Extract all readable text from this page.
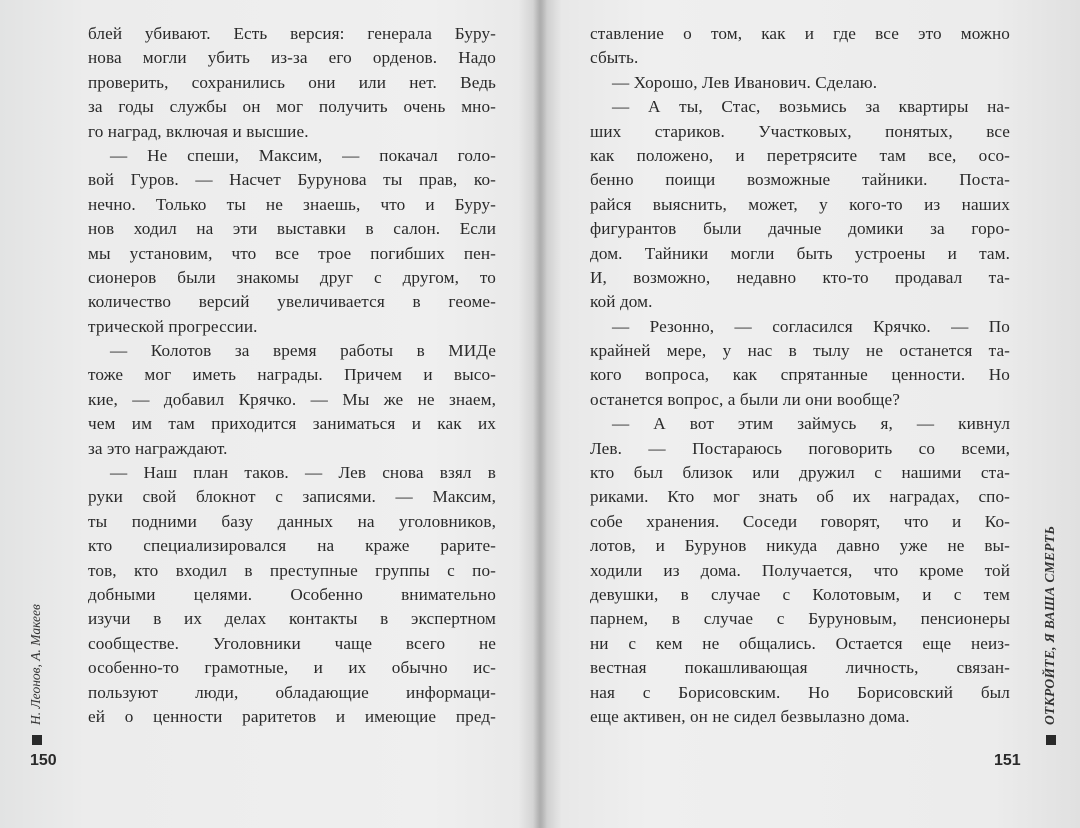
блей убивают. Есть версия: генерала Буру-
нова могли убить из-за его орденов. Надо
проверить, сохранились они или нет. Ведь
за годы службы он мог получить очень мно-
го наград, включая и высшие.
— Не спеши, Максим, — покачал голо-
вой Гуров. — Насчет Бурунова ты прав, ко-
нечно. Только ты не знаешь, что и Буру-
нов ходил на эти выставки в салон. Если
мы установим, что все трое погибших пен-
сионеров были знакомы друг с другом, то
количество версий увеличивается в геоме-
трической прогрессии.
— Колотов за время работы в МИДе
тоже мог иметь награды. Причем и высо-
кие, — добавил Крячко. — Мы же не знаем,
чем им там приходится заниматься и как их
за это награждают.
— Наш план таков. — Лев снова взял в
руки свой блокнот с записями. — Максим,
ты подними базу данных на уголовников,
кто специализировался на краже раритe-
тов, кто входил в преступные группы с по-
добными целями. Особенно внимательно
изучи в их делах контакты в экспертном
сообществе. Уголовники чаще всего не
особенно-то грамотные, и их обычно ис-
пользуют люди, обладающие информаци-
ей о ценности раритетов и имеющие пред-
Н. Леонов, А. Макеев
150
ставление о том, как и где все это можно
сбыть.
— Хорошо, Лев Иванович. Сделаю.
— А ты, Стас, возьмись за квартиры на-
ших стариков. Участковых, понятых, все
как положено, и перетрясите там все, осо-
бенно поищи возможные тайники. Поста-
райся выяснить, может, у кого-то из наших
фигурантов были дачные домики за горо-
дом. Тайники могли быть устроены и там.
И, возможно, недавно кто-то продавал та-
кой дом.
— Резонно, — согласился Крячко. — По
крайней мере, у нас в тылу не останется та-
кого вопроса, как спрятанные ценности. Но
останется вопрос, а были ли они вообще?
— А вот этим займусь я, — кивнул
Лев. — Постараюсь поговорить со всеми,
кто был близок или дружил с нашими ста-
риками. Кто мог знать об их наградах, спо-
собе хранения. Соседи говорят, что и Ко-
лотов, и Бурунов никуда давно уже не вы-
ходили из дома. Получается, что кроме той
девушки, в случае с Колотовым, и с тем
парнем, в случае с Буруновым, пенсионеры
ни с кем не общались. Остается еще неиз-
вестная покашливающая личность, связан-
ная с Борисовским. Но Борисовский был
еще активен, он не сидел безвылазно дома.	ОТКРОЙТЕ, Я ВАША СМЕРТЬ
151
